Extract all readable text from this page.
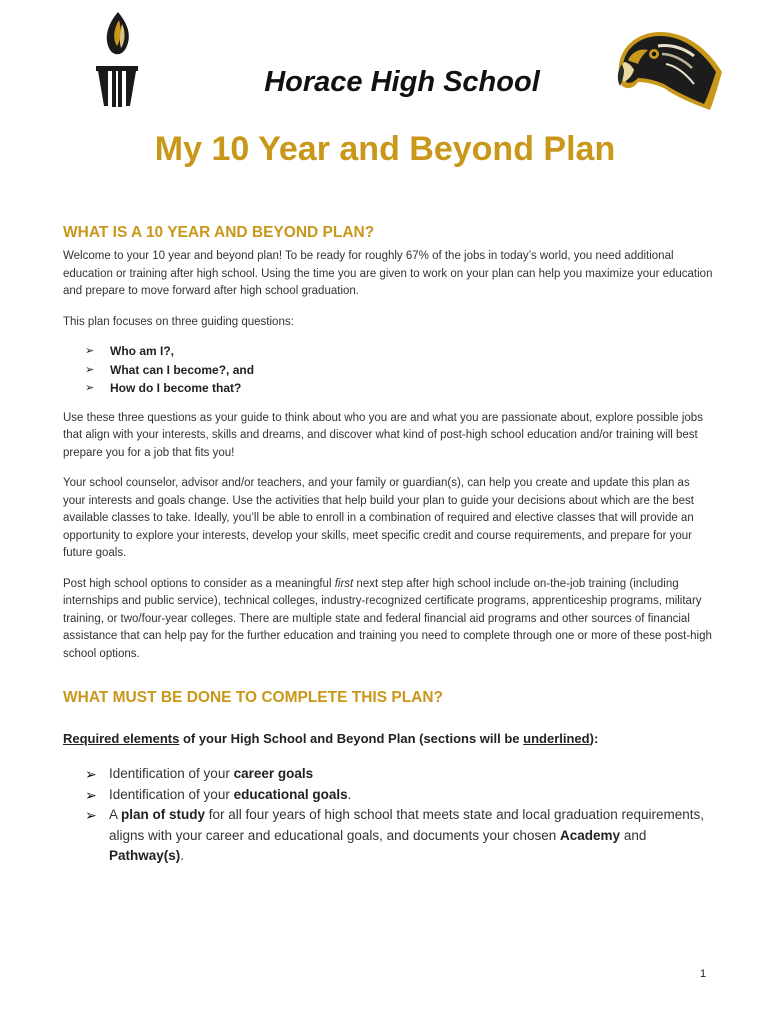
Horace High School
My 10 Year and Beyond Plan
WHAT IS A 10 YEAR AND BEYOND PLAN?

Welcome to your 10 year and beyond plan! To be ready for roughly 67% of the jobs in today’s world, you need additional education or training after high school. Using the time you are given to work on your plan can help you maximize your education and prepare to move forward after high school graduation.

This plan focuses on three guiding questions:

➢	Who am I?,
➢	What can I become?, and
➢	How do I become that?

Use these three questions as your guide to think about who you are and what you are passionate about, explore possible jobs that align with your interests, skills and dreams, and discover what kind of post-high school education and/or training will best prepare you for a job that fits you!

Your school counselor, advisor and/or teachers, and your family or guardian(s), can help you create and update this plan as your interests and goals change. Use the activities that help build your plan to guide your decisions about which are the best available classes to take. Ideally, you’ll be able to enroll in a combination of required and elective classes that will provide an opportunity to explore your interests, develop your skills, meet specific credit and course requirements, and prepare for your future goals.

Post high school options to consider as a meaningful first next step after high school include on-the-job training (including internships and public service), technical colleges, industry-recognized certificate programs, apprenticeship programs, military training, or two/four-year colleges. There are multiple state and federal financial aid programs and other sources of financial assistance that can help pay for the further education and training you need to complete through one or more of these post-high school options.

WHAT MUST BE DONE TO COMPLETE THIS PLAN?
Required elements of your High School and Beyond Plan (sections will be underlined):
➢ Identification of your career goals
➢ Identification of your educational goals.
➢ A plan of study for all four years of high school that meets state and local graduation requirements, aligns with your career and educational goals, and documents your chosen Academy and Pathway(s).
1
